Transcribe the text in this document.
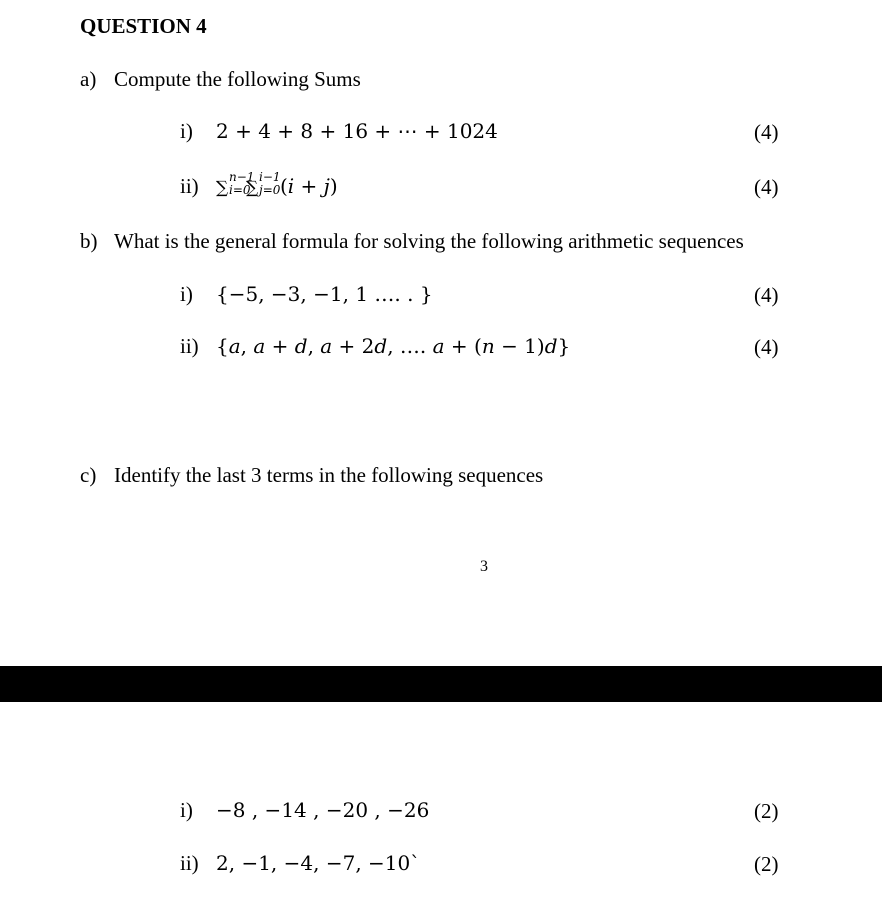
QUESTION 4
a) Compute the following Sums
i) 2 + 4 + 8 + 16 + ⋯ + 1024	(4)
ii) ∑
n−1
i=0
∑
i−1
j=0 (𝑖 + 𝑗)	(4)
b) What is the general formula for solving the following arithmetic sequences
i) {−5, −3, −1, 1 …. . }	(4)
ii) {𝑎, 𝑎 + 𝑑, 𝑎 + 2𝑑, …. 𝑎 + (𝑛 − 1)𝑑}	(4)
c) Identify the last 3 terms in the following sequences
3
i) −8 , −14 , −20 , −26	(2)
ii) 2, −1, −4, −7, −10`	(2)
